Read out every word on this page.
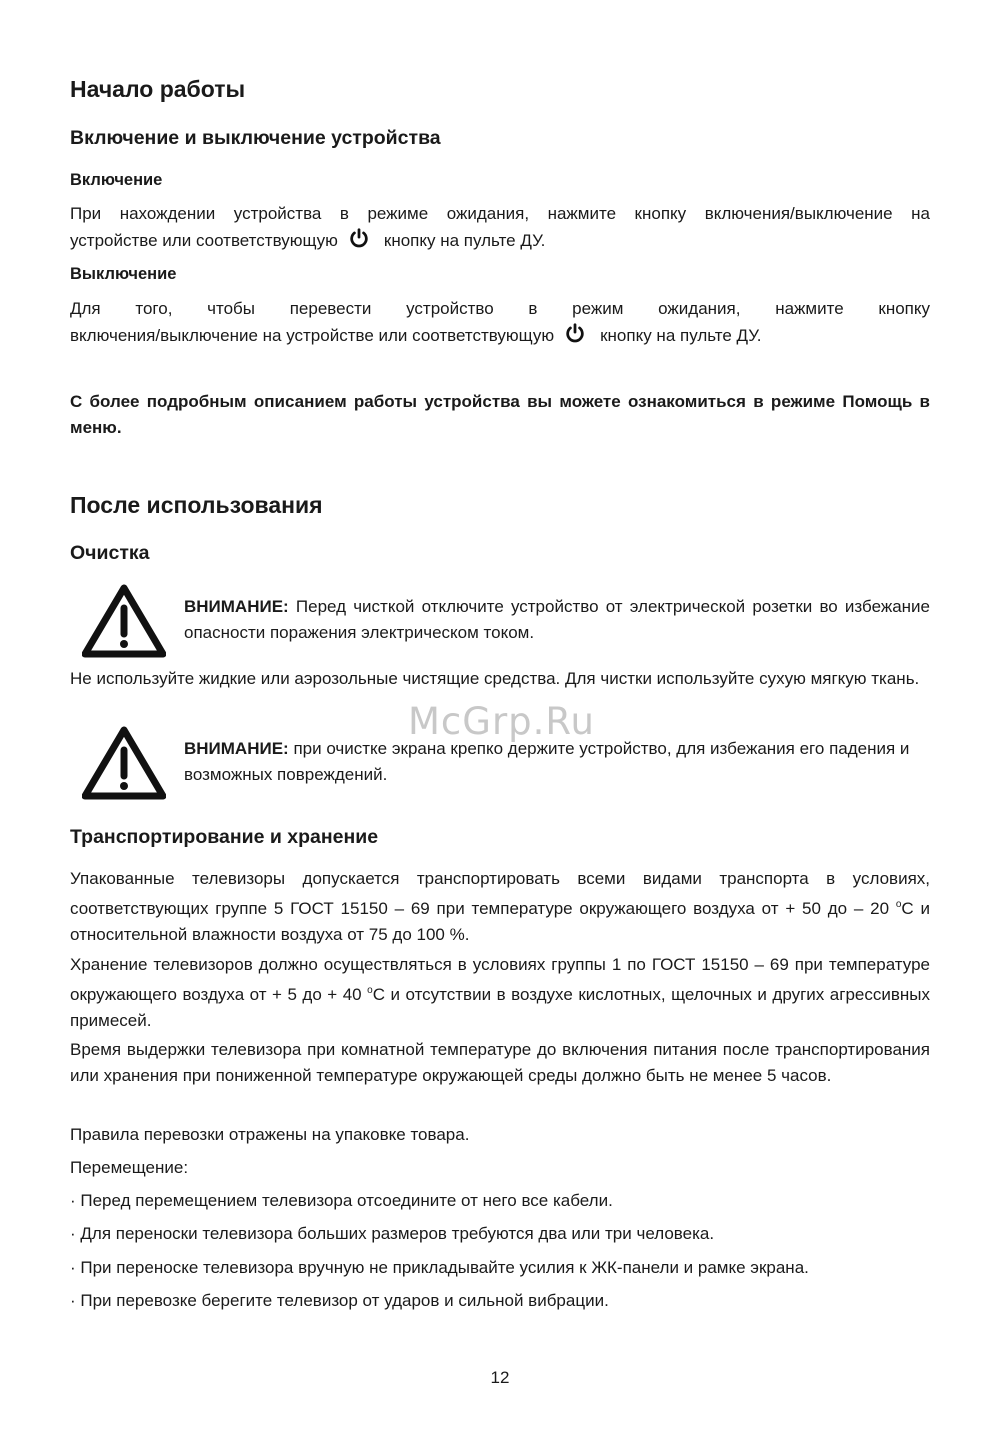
Начало работы
Включение и выключение устройства
Включение

При нахождении устройства в режиме ожидания, нажмите кнопку включения/выключение на
устройстве или соответствующую	кнопку на пульте ДУ.

Выключение

Для того, чтобы перевести устройство в режим ожидания, нажмите кнопку
включения/выключение на устройстве или соответствующую	кнопку на пульте ДУ.

С более подробным описанием работы устройства вы можете ознакомиться в режиме Помощь в меню.

После использования
Очистка

ВНИМАНИЕ: Перед чисткой отключите устройство от электрической розетки во избежание опасности поражения электрическом током.

Не используйте жидкие или аэрозольные чистящие средства. Для чистки используйте сухую мягкую ткань.

ВНИМАНИЕ: при очистке экрана крепко держите устройство, для избежания его падения и возможных повреждений.

Транспортирование и хранение

Упакованные телевизоры допускается транспортировать всеми видами транспорта в условиях, соответствующих группе 5 ГОСТ 15150 – 69 при температуре окружающего воздуха от + 50 до – 20 $^о$С и относительной влажности воздуха от 75 до 100 %.

Хранение телевизоров должно осуществляться в условиях группы 1 по ГОСТ 15150 – 69 при температуре окружающего воздуха от + 5 до + 40 $^о$С и отсутствии в воздухе кислотных, щелочных и других агрессивных примесей.

Время выдержки телевизора при комнатной температуре до включения питания после транспортирования или хранения при пониженной температуре окружающей среды должно быть не менее 5 часов.

Правила перевозки отражены на упаковке товара.

Перемещение:

· Перед перемещением телевизора отсоедините от него все кабели.

· Для переноски телевизора больших размеров требуются два или три человека.

· При переноске телевизора вручную не прикладывайте усилия к ЖК-панели и рамке экрана.

· При перевозке берегите телевизор от ударов и сильной вибрации.

McGrp.Ru
12
